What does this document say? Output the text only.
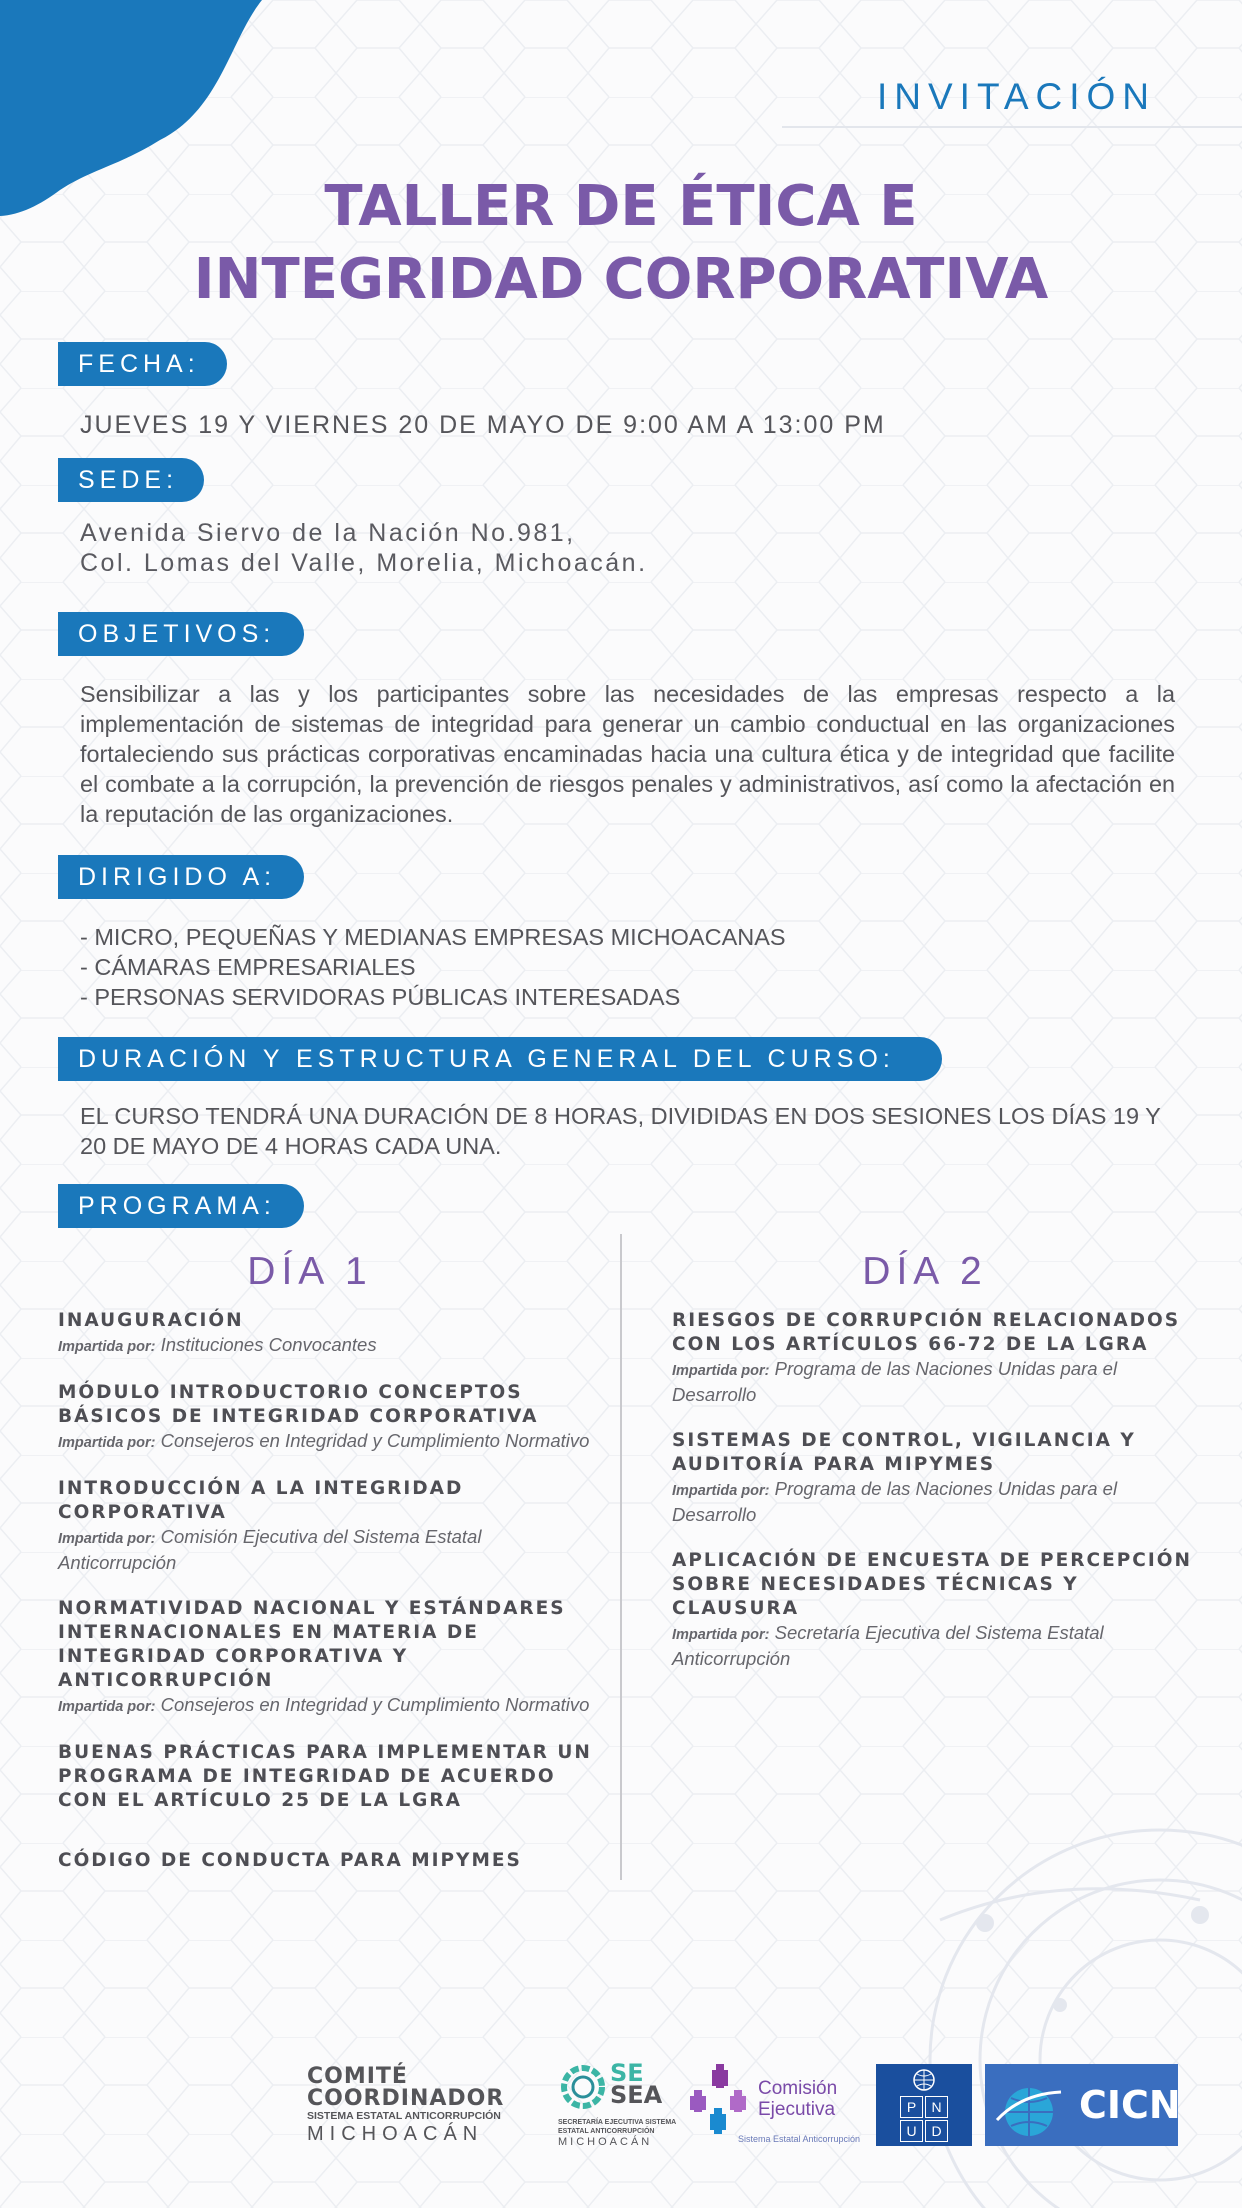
INVITACIÓN
TALLER DE ÉTICA E
INTEGRIDAD CORPORATIVA
FECHA:
JUEVES 19 Y VIERNES 20 DE MAYO DE 9:00 AM A 13:00 PM
SEDE:
Avenida Siervo de la Nación No.981,
Col. Lomas del Valle, Morelia, Michoacán.
OBJETIVOS:
Sensibilizar a las y los participantes sobre las necesidades de las empresas respecto a la implementación de sistemas de integridad para generar un cambio conductual en las organizaciones fortaleciendo sus prácticas corporativas encaminadas hacia una cultura ética y de integridad que facilite el combate a la corrupción, la prevención de riesgos penales y administrativos, así como la afectación en la reputación de las organizaciones.
DIRIGIDO A:
- MICRO, PEQUEÑAS Y MEDIANAS EMPRESAS MICHOACANAS
- CÁMARAS EMPRESARIALES
- PERSONAS SERVIDORAS PÚBLICAS INTERESADAS
DURACIÓN Y ESTRUCTURA GENERAL DEL CURSO:
EL CURSO TENDRÁ UNA DURACIÓN DE 8 HORAS, DIVIDIDAS EN DOS SESIONES LOS DÍAS 19 Y 20 DE MAYO DE 4 HORAS CADA UNA.
PROGRAMA:
DÍA 1	DÍA 2
INAUGURACIÓN
Impartida por: Instituciones Convocantes
MÓDULO INTRODUCTORIO CONCEPTOS BÁSICOS DE INTEGRIDAD CORPORATIVA
Impartida por: Consejeros en Integridad y Cumplimiento Normativo
INTRODUCCIÓN A LA INTEGRIDAD CORPORATIVA
Impartida por: Comisión Ejecutiva del Sistema Estatal Anticorrupción
NORMATIVIDAD NACIONAL Y ESTÁNDARES INTERNACIONALES EN MATERIA DE INTEGRIDAD CORPORATIVA Y ANTICORRUPCIÓN
Impartida por: Consejeros en Integridad y Cumplimiento Normativo
BUENAS PRÁCTICAS PARA IMPLEMENTAR UN PROGRAMA DE INTEGRIDAD DE ACUERDO CON EL ARTÍCULO 25 DE LA LGRA
CÓDIGO DE CONDUCTA PARA MIPYMES
RIESGOS DE CORRUPCIÓN RELACIONADOS CON LOS ARTÍCULOS 66-72 DE LA LGRA
Impartida por: Programa de las Naciones Unidas para el Desarrollo
SISTEMAS DE CONTROL, VIGILANCIA Y AUDITORÍA PARA MIPYMES
Impartida por: Programa de las Naciones Unidas para el Desarrollo
APLICACIÓN DE ENCUESTA DE PERCEPCIÓN SOBRE NECESIDADES TÉCNICAS Y CLAUSURA
Impartida por: Secretaría Ejecutiva del Sistema Estatal Anticorrupción
COMITÉ
COORDINADOR
SISTEMA ESTATAL ANTICORRUPCIÓN
MICHOACÁN
SE
SEA
SECRETARÍA EJECUTIVA SISTEMA ESTATAL ANTICORRUPCIÓN
MICHOACÁN
Comisión
Ejecutiva
Sistema Estatal Anticorrupción
P	N
U	D
CICN
